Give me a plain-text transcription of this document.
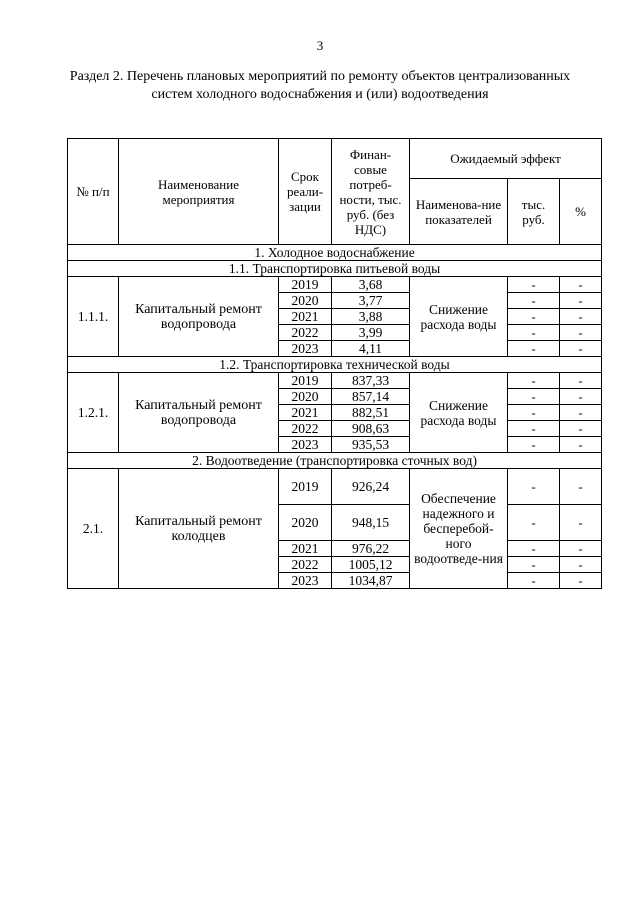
3
Раздел 2. Перечень плановых мероприятий по ремонту объектов централизованных систем холодного водоснабжения и (или) водоотведения
№ п/п	Наименование мероприятия	Срок реали-зации	Финан-совые потреб-ности, тыс. руб. (без НДС)	Ожидаемый эффект		
				Наименова-ние показателей	тыс. руб.	%
1. Холодное водоснабжение						
1.1. Транспортировка питьевой воды						
1.1.1.	Капитальный ремонт водопровода	2019	3,68	Снижение расхода воды	-	-
		2020	3,77		-	-
		2021	3,88		-	-
		2022	3,99		-	-
		2023	4,11		-	-
1.2. Транспортировка технической воды						
1.2.1.	Капитальный ремонт водопровода	2019	837,33	Снижение расхода воды	-	-
		2020	857,14		-	-
		2021	882,51		-	-
		2022	908,63		-	-
		2023	935,53		-	-
2. Водоотведение (транспортировка сточных вод)						
2.1.	Капитальный ремонт колодцев	2019	926,24	Обеспечение надежного и бесперебой-ного водоотведе-ния	-	-
		2020	948,15		-	-
		2021	976,22		-	-
		2022	1005,12		-	-
		2023	1034,87		-	-
